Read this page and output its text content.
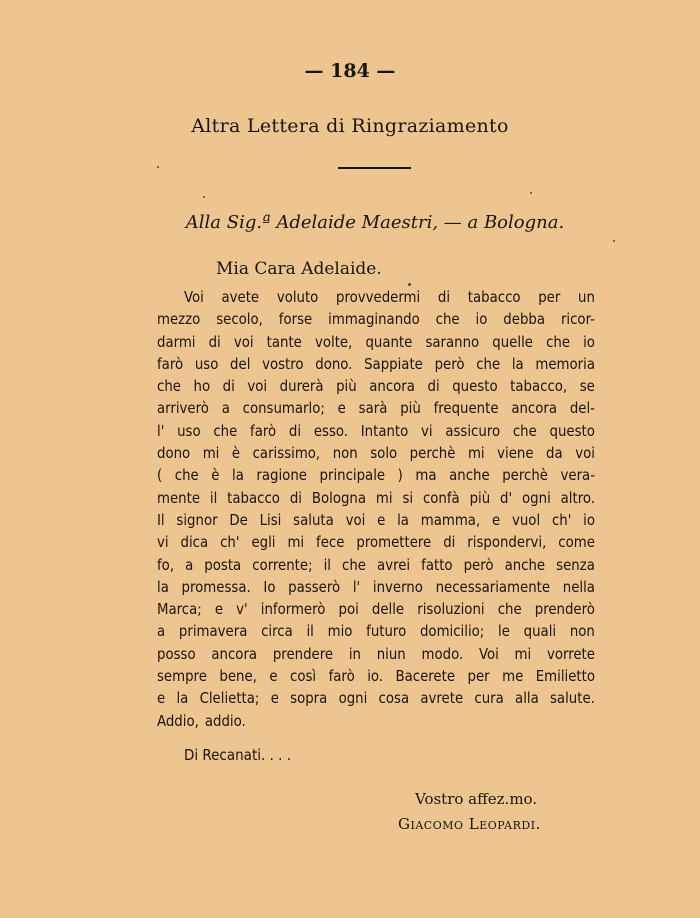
— 184 —
Altra Lettera di Ringraziamento
Alla Sig.ª Adelaide Maestri, — a Bologna.
Mia Cara Adelaide.
Voi avete voluto provvedermi di tabacco per un
mezzo secolo, forse immaginando che io debba ricor-
darmi di voi tante volte, quante saranno quelle che io
farò uso del vostro dono. Sappiate però che la memoria
che ho di voi durerà più ancora di questo tabacco, se
arriverò a consumarlo; e sarà più frequente ancora del-
l' uso che farò di esso. Intanto vi assicuro che questo
dono mi è carissimo, non solo perchè mi viene da voi
( che è la ragione principale ) ma anche perchè vera-
mente il tabacco di Bologna mi si confà più d' ogni altro.
Il signor De Lisi saluta voi e la mamma, e vuol ch' io
vi dica ch' egli mi fece promettere di rispondervi, come
fo, a posta corrente; il che avrei fatto però anche senza
la promessa. Io passerò l' inverno necessariamente nella
Marca; e v' informerò poi delle risoluzioni che prenderò
a primavera circa il mio futuro domicilio; le quali non
posso ancora prendere in niun modo. Voi mi vorrete
sempre bene, e così farò io. Bacerete per me Emilietto
e la Clelietta; e sopra ogni cosa avrete cura alla salute.
Addio, addio.
Di Recanati. . . .
Vostro affez.mo.
Giacomo Leopardi.
